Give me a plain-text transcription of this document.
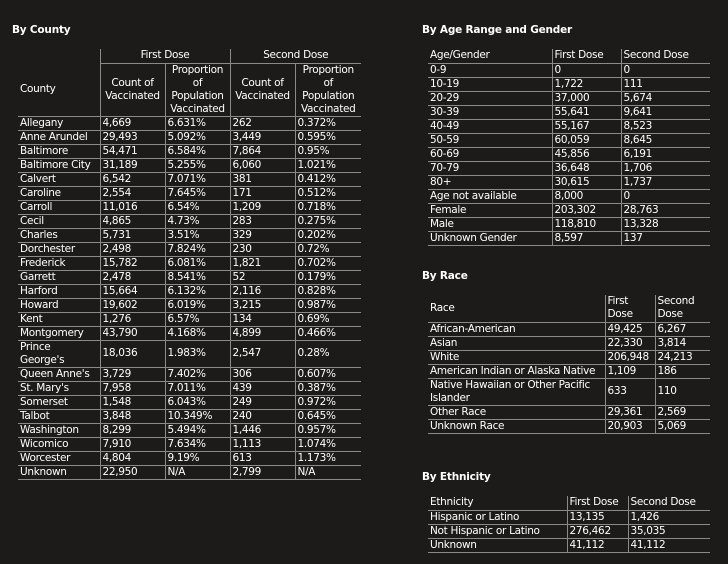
By County
	First Dose		Second Dose	
County	Count of Vaccinated	Proportion of Population Vaccinated	Count of Vaccinated	Proportion of Population Vaccinated
Allegany	4,669	6.631%	262	0.372%
Anne Arundel	29,493	5.092%	3,449	0.595%
Baltimore	54,471	6.584%	7,864	0.95%
Baltimore City	31,189	5.255%	6,060	1.021%
Calvert	6,542	7.071%	381	0.412%
Caroline	2,554	7.645%	171	0.512%
Carroll	11,016	6.54%	1,209	0.718%
Cecil	4,865	4.73%	283	0.275%
Charles	5,731	3.51%	329	0.202%
Dorchester	2,498	7.824%	230	0.72%
Frederick	15,782	6.081%	1,821	0.702%
Garrett	2,478	8.541%	52	0.179%
Harford	15,664	6.132%	2,116	0.828%
Howard	19,602	6.019%	3,215	0.987%
Kent	1,276	6.57%	134	0.69%
Montgomery	43,790	4.168%	4,899	0.466%
Prince George's	18,036	1.983%	2,547	0.28%
Queen Anne's	3,729	7.402%	306	0.607%
St. Mary's	7,958	7.011%	439	0.387%
Somerset	1,548	6.043%	249	0.972%
Talbot	3,848	10.349%	240	0.645%
Washington	8,299	5.494%	1,446	0.957%
Wicomico	7,910	7.634%	1,113	1.074%
Worcester	4,804	9.19%	613	1.173%
Unknown	22,950	N/A	2,799	N/A
By Age Range and Gender
Age/Gender	First Dose	Second Dose
0-9	0	0
10-19	1,722	111
20-29	37,000	5,674
30-39	55,641	9,641
40-49	55,167	8,523
50-59	60,059	8,645
60-69	45,856	6,191
70-79	36,648	1,706
80+	30,615	1,737
Age not available	8,000	0
Female	203,302	28,763
Male	118,810	13,328
Unknown Gender	8,597	137
By Race
Race	First Dose	Second Dose
African-American	49,425	6,267
Asian	22,330	3,814
White	206,948	24,213
American Indian or Alaska Native	1,109	186
Native Hawaiian or Other Pacific Islander	633	110
Other Race	29,361	2,569
Unknown Race	20,903	5,069
By Ethnicity
Ethnicity	First Dose	Second Dose
Hispanic or Latino	13,135	1,426
Not Hispanic or Latino	276,462	35,035
Unknown	41,112	41,112
